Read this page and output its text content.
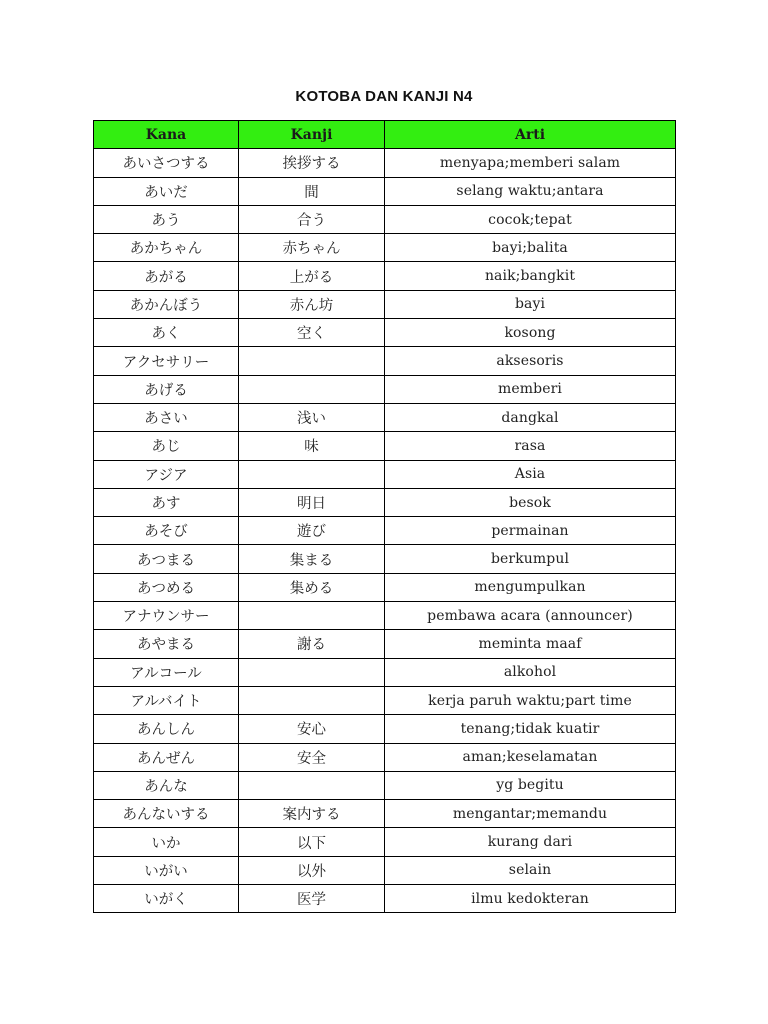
KOTOBA DAN KANJI N4
Kana	Kanji	Arti
あいさつする	挨拶する	menyapa;memberi salam
あいだ	間	selang waktu;antara
あう	合う	cocok;tepat
あかちゃん	赤ちゃん	bayi;balita
あがる	上がる	naik;bangkit
あかんぼう	赤ん坊	bayi
あく	空く	kosong
アクセサリー		aksesoris
あげる		memberi
あさい	浅い	dangkal
あじ	味	rasa
アジア		Asia
あす	明日	besok
あそび	遊び	permainan
あつまる	集まる	berkumpul
あつめる	集める	mengumpulkan
アナウンサー		pembawa acara (announcer)
あやまる	謝る	meminta maaf
アルコール		alkohol
アルバイト		kerja paruh waktu;part time
あんしん	安心	tenang;tidak kuatir
あんぜん	安全	aman;keselamatan
あんな		yg begitu
あんないする	案内する	mengantar;memandu
いか	以下	kurang dari
いがい	以外	selain
いがく	医学	ilmu kedokteran
